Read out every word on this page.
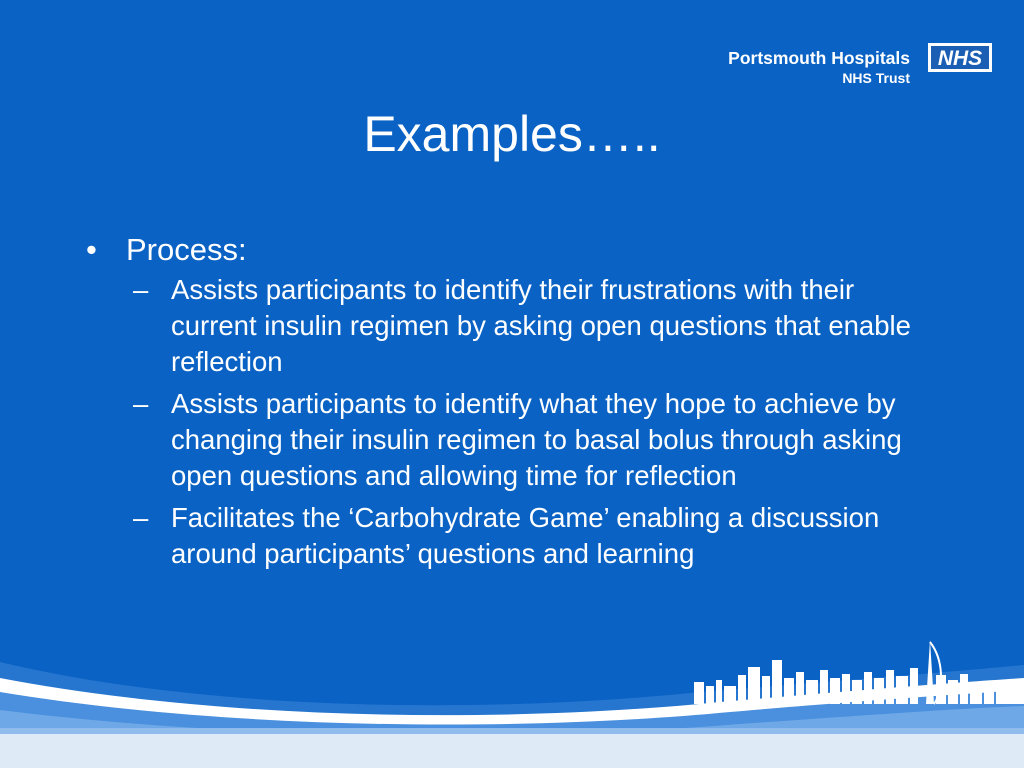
Portsmouth Hospitals
NHS Trust
NHS
Examples…..
• Process:
– Assists participants to identify their frustrations with their current insulin regimen by asking open questions that enable reflection
– Assists participants to identify what they hope to achieve by changing their insulin regimen to basal bolus through asking open questions and allowing time for reflection
– Facilitates the ‘Carbohydrate Game’ enabling a discussion around participants’ questions and learning
